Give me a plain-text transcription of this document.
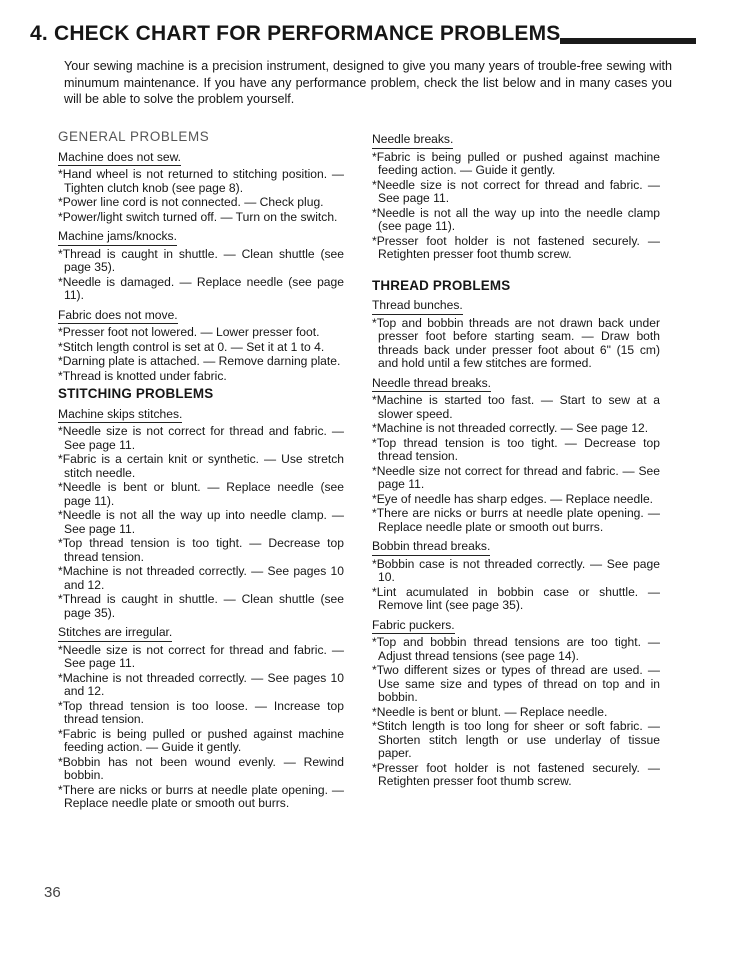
4. CHECK CHART FOR PERFORMANCE PROBLEMS
Your sewing machine is a precision instrument, designed to give you many years of trouble-free sewing with minumum maintenance. If you have any performance problem, check the list below and in many cases you will be able to solve the problem yourself.
GENERAL PROBLEMS
Machine does not sew.
*Hand wheel is not returned to stitching position. — Tighten clutch knob (see page 8).
*Power line cord is not connected. — Check plug.
*Power/light switch turned off. — Turn on the switch.
Machine jams/knocks.
*Thread is caught in shuttle. — Clean shuttle (see page 35).
*Needle is damaged. — Replace needle (see page 11).
Fabric does not move.
*Presser foot not lowered. — Lower presser foot.
*Stitch length control is set at 0. — Set it at 1 to 4.
*Darning plate is attached. — Remove darning plate.
*Thread is knotted under fabric.
STITCHING PROBLEMS
Machine skips stitches.
*Needle size is not correct for thread and fabric. — See page 11.
*Fabric is a certain knit or synthetic. — Use stretch stitch needle.
*Needle is bent or blunt. — Replace needle (see page 11).
*Needle is not all the way up into needle clamp. — See page 11.
*Top thread tension is too tight. — Decrease top thread tension.
*Machine is not threaded correctly. — See pages 10 and 12.
*Thread is caught in shuttle. — Clean shuttle (see page 35).
Stitches are irregular.
*Needle size is not correct for thread and fabric. — See page 11.
*Machine is not threaded correctly. — See pages 10 and 12.
*Top thread tension is too loose. — Increase top thread tension.
*Fabric is being pulled or pushed against machine feeding action. — Guide it gently.
*Bobbin has not been wound evenly. — Rewind bobbin.
*There are nicks or burrs at needle plate opening. — Replace needle plate or smooth out burrs.
Needle breaks.
*Fabric is being pulled or pushed against machine feeding action. — Guide it gently.
*Needle size is not correct for thread and fabric. — See page 11.
*Needle is not all the way up into the needle clamp (see page 11).
*Presser foot holder is not fastened securely. — Retighten presser foot thumb screw.
THREAD PROBLEMS
Thread bunches.
*Top and bobbin threads are not drawn back under presser foot before starting seam. — Draw both threads back under presser foot about 6" (15 cm) and hold until a few stitches are formed.
Needle thread breaks.
*Machine is started too fast. — Start to sew at a slower speed.
*Machine is not threaded correctly. — See page 12.
*Top thread tension is too tight. — Decrease top thread tension.
*Needle size not correct for thread and fabric. — See page 11.
*Eye of needle has sharp edges. — Replace needle.
*There are nicks or burrs at needle plate opening. — Replace needle plate or smooth out burrs.
Bobbin thread breaks.
*Bobbin case is not threaded correctly. — See page 10.
*Lint acumulated in bobbin case or shuttle. — Remove lint (see page 35).
Fabric puckers.
*Top and bobbin thread tensions are too tight. — Adjust thread tensions (see page 14).
*Two different sizes or types of thread are used. — Use same size and types of thread on top and in bobbin.
*Needle is bent or blunt. — Replace needle.
*Stitch length is too long for sheer or soft fabric. — Shorten stitch length or use underlay of tissue paper.
*Presser foot holder is not fastened securely. — Retighten presser foot thumb screw.
36
